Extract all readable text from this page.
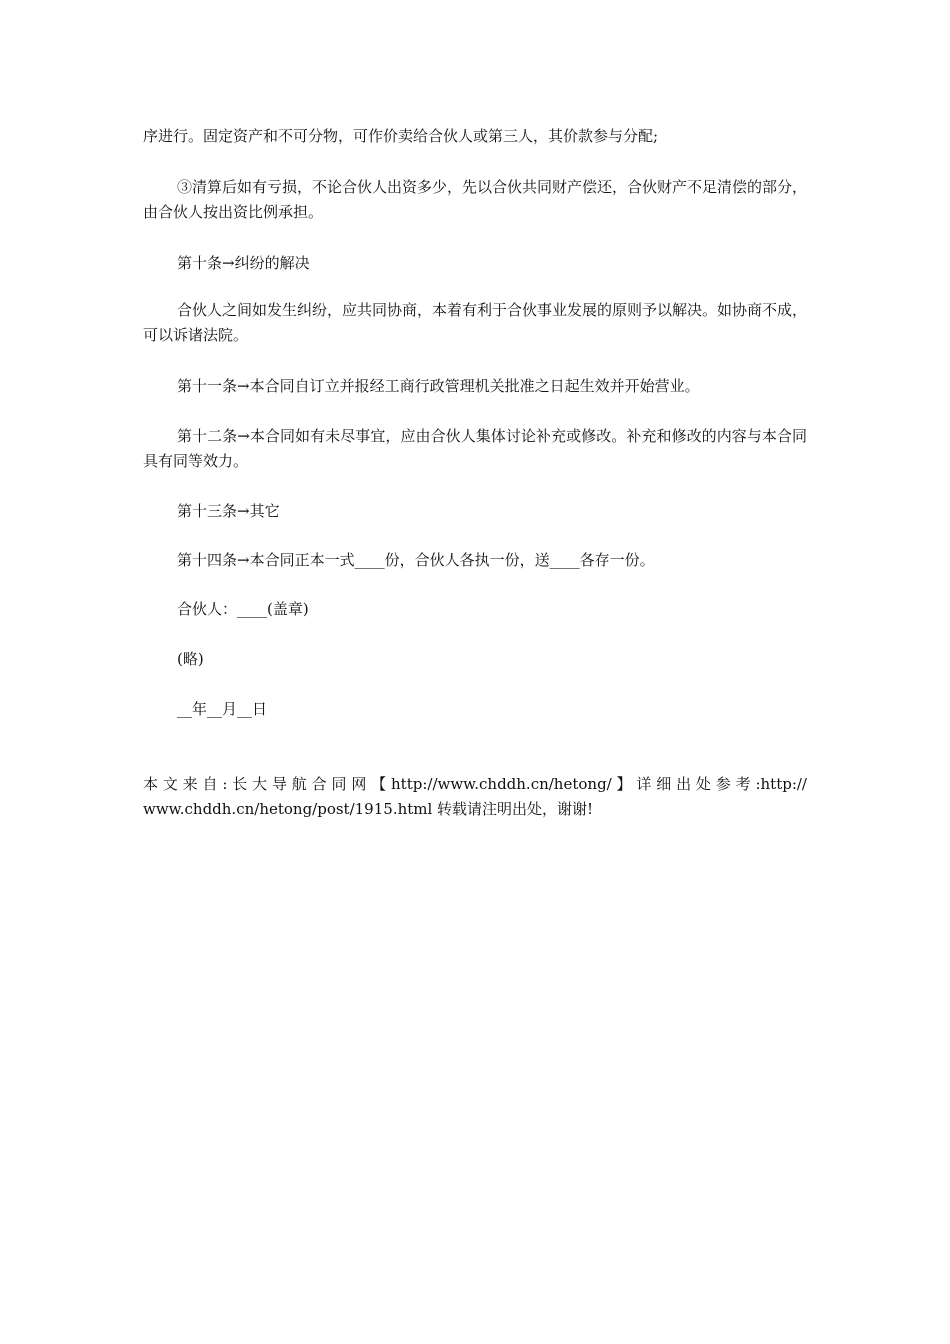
序进行。固定资产和不可分物，可作价卖给合伙人或第三人，其价款参与分配;
③清算后如有亏损，不论合伙人出资多少，先以合伙共同财产偿还，合伙财产不足清偿的部分，由合伙人按出资比例承担。
第十条→纠纷的解决
合伙人之间如发生纠纷，应共同协商，本着有利于合伙事业发展的原则予以解决。如协商不成，可以诉诸法院。
第十一条→本合同自订立并报经工商行政管理机关批准之日起生效并开始营业。
第十二条→本合同如有未尽事宜，应由合伙人集体讨论补充或修改。补充和修改的内容与本合同具有同等效力。
第十三条→其它
第十四条→本合同正本一式____份，合伙人各执一份，送____各存一份。
合伙人：____(盖章)
(略)
__年__月__日
本 文 来 自 : 长 大 导 航 合 同 网 【 http://www.chddh.cn/hetong/ 】 详 细 出 处 参 考 :http://
www.chddh.cn/hetong/post/1915.html 转载请注明出处，谢谢!
